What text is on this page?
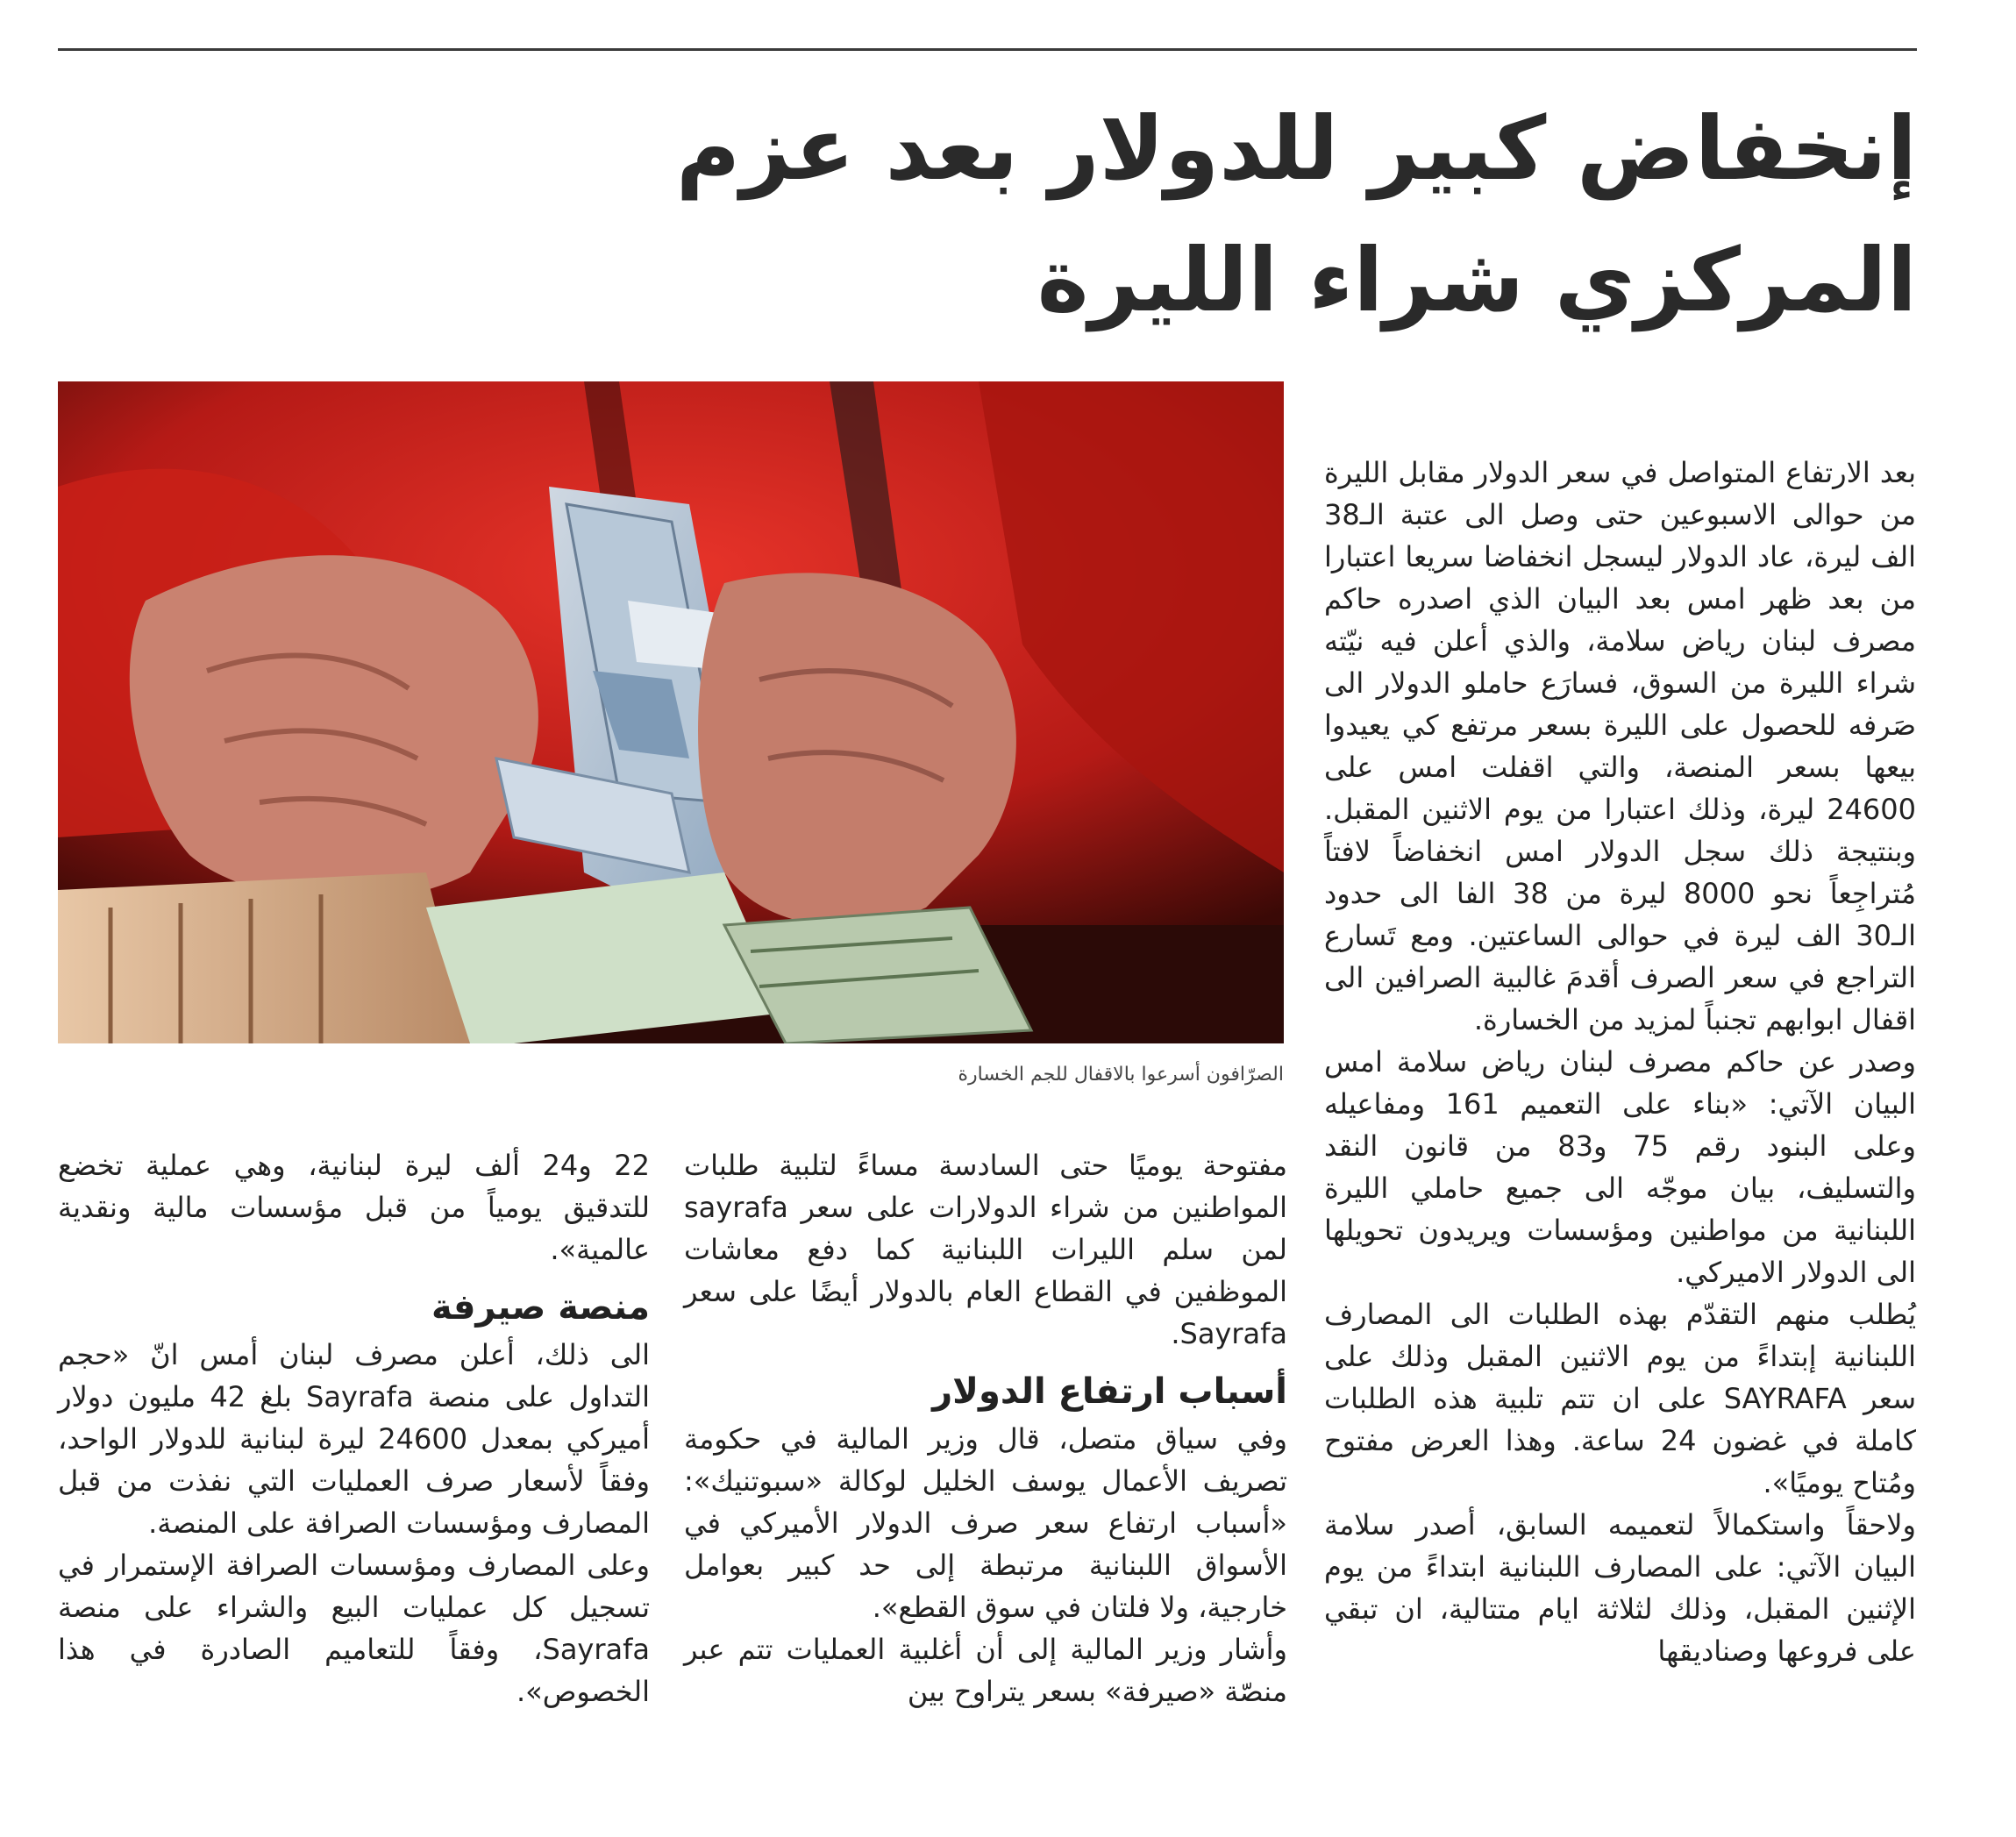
إنخفاض كبير للدولار بعد عزم المركزي شراء الليرة

الصرّافون أسرعوا بالاقفال للجم الخسارة

بعد الارتفاع المتواصل في سعر الدولار مقابل الليرة من حوالى الاسبوعين حتى وصل الى عتبة الـ38 الف ليرة، عاد الدولار ليسجل انخفاضا سريعا اعتبارا من بعد ظهر امس بعد البيان الذي اصدره حاكم مصرف لبنان رياض سلامة، والذي أعلن فيه نيّته شراء الليرة من السوق، فسارَع حاملو الدولار الى صَرفه للحصول على الليرة بسعر مرتفع كي يعيدوا بيعها بسعر المنصة، والتي اقفلت امس على 24600 ليرة، وذلك اعتبارا من يوم الاثنين المقبل. وبنتيجة ذلك سجل الدولار امس انخفاضاً لافتاً مُتراجِعاً نحو 8000 ليرة من 38 الفا الى حدود الـ30 الف ليرة في حوالى الساعتين. ومع تَسارع التراجع في سعر الصرف أقدمَ غالبية الصرافين الى اقفال ابوابهم تجنباً لمزيد من الخسارة.

وصدر عن حاكم مصرف لبنان رياض سلامة امس البيان الآتي: «بناء على التعميم 161 ومفاعيله وعلى البنود رقم 75 و83 من قانون النقد والتسليف، بيان موجّه الى جميع حاملي الليرة اللبنانية من مواطنين ومؤسسات ويريدون تحويلها الى الدولار الاميركي.

يُطلب منهم التقدّم بهذه الطلبات الى المصارف اللبنانية إبتداءً من يوم الاثنين المقبل وذلك على سعر SAYRAFA على ان تتم تلبية هذه الطلبات كاملة في غضون 24 ساعة. وهذا العرض مفتوح ومُتاح يوميًا».

ولاحقاً واستكمالاً لتعميمه السابق، أصدر سلامة البيان الآتي: على المصارف اللبنانية ابتداءً من يوم الإثنين المقبل، وذلك لثلاثة ايام متتالية، ان تبقي على فروعها وصناديقها

مفتوحة يوميًا حتى السادسة مساءً لتلبية طلبات المواطنين من شراء الدولارات على سعر sayrafa لمن سلم الليرات اللبنانية كما دفع معاشات الموظفين في القطاع العام بالدولار أيضًا على سعر Sayrafa.

أسباب ارتفاع الدولار

وفي سياق متصل، قال وزير المالية في حكومة تصريف الأعمال يوسف الخليل لوكالة «سبوتنيك»: «أسباب ارتفاع سعر صرف الدولار الأميركي في الأسواق اللبنانية مرتبطة إلى حد كبير بعوامل خارجية، ولا فلتان في سوق القطع».

وأشار وزير المالية إلى أن أغلبية العمليات تتم عبر منصّة «صيرفة» بسعر يتراوح بين

22 و24 ألف ليرة لبنانية، وهي عملية تخضع للتدقيق يومياً من قبل مؤسسات مالية ونقدية عالمية».

منصة صيرفة

الى ذلك، أعلن مصرف لبنان أمس انّ «حجم التداول على منصة Sayrafa بلغ 42 مليون دولار أميركي بمعدل 24600 ليرة لبنانية للدولار الواحد، وفقاً لأسعار صرف العمليات التي نفذت من قبل المصارف ومؤسسات الصرافة على المنصة.

وعلى المصارف ومؤسسات الصرافة الإستمرار في تسجيل كل عمليات البيع والشراء على منصة Sayrafa، وفقاً للتعاميم الصادرة في هذا الخصوص».
